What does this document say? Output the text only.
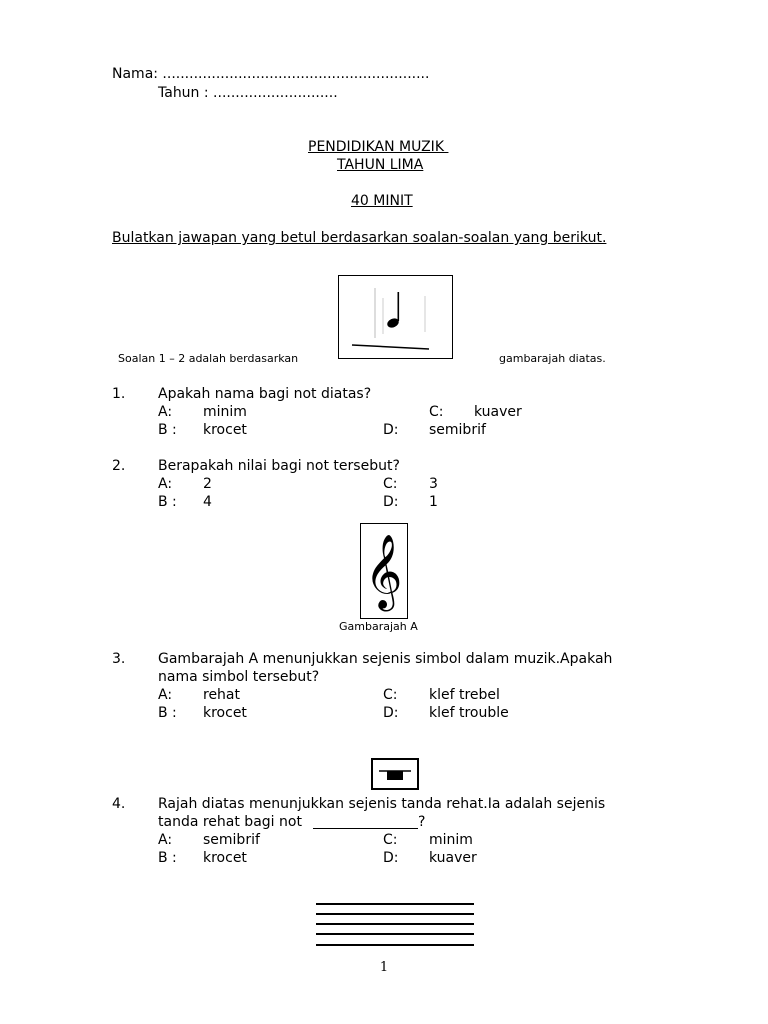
Nama: ............................................................
Tahun : ............................
PENDIDIKAN MUZIK
TAHUN LIMA
40 MINIT
Bulatkan jawapan yang betul berdasarkan soalan-soalan yang berikut.
Soalan 1 – 2 adalah berdasarkan	gambarajah diatas.
1. Apakah nama bagi not diatas?
A: minim	C: kuaver
B : krocet	D: semibrif
2. Berapakah nilai bagi not tersebut?
A: 2	C: 3
B : 4	D: 1
𝄞
Gambarajah A
3. Gambarajah A menunjukkan sejenis simbol dalam muzik.Apakah
nama simbol tersebut?
A: rehat	C: klef trebel
B : krocet	D: klef trouble
4. Rajah diatas menunjukkan sejenis tanda rehat.Ia adalah sejenis
tanda rehat bagi not	?
A: semibrif	C: minim
B : krocet	D: kuaver
1
